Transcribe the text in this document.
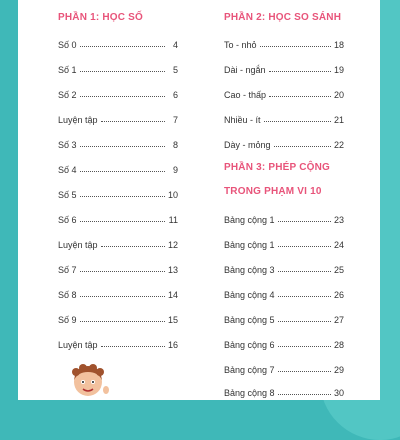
PHẦN 1: HỌC SỐ
Số 0	4
Số 1	5
Số 2	6
Luyện tập	7
Số 3	8
Số 4	9
Số 5	10
Số 6	11
Luyện tập	12
Số 7	13
Số 8	14
Số 9	15
Luyện tập	16
PHẦN 2: HỌC SO SÁNH
To - nhỏ	18
Dài - ngắn	19
Cao - thấp	20
Nhiều - ít	21
Dày - mỏng	22
PHẦN 3: PHÉP CỘNG
TRONG PHẠM VI 10
Bảng cộng 1	23
Bảng cộng 1	24
Bảng cộng 3	25
Bảng cộng 4	26
Bảng cộng 5	27
Bảng cộng 6	28
Bảng cộng 7	29
Bảng cộng 8	30
